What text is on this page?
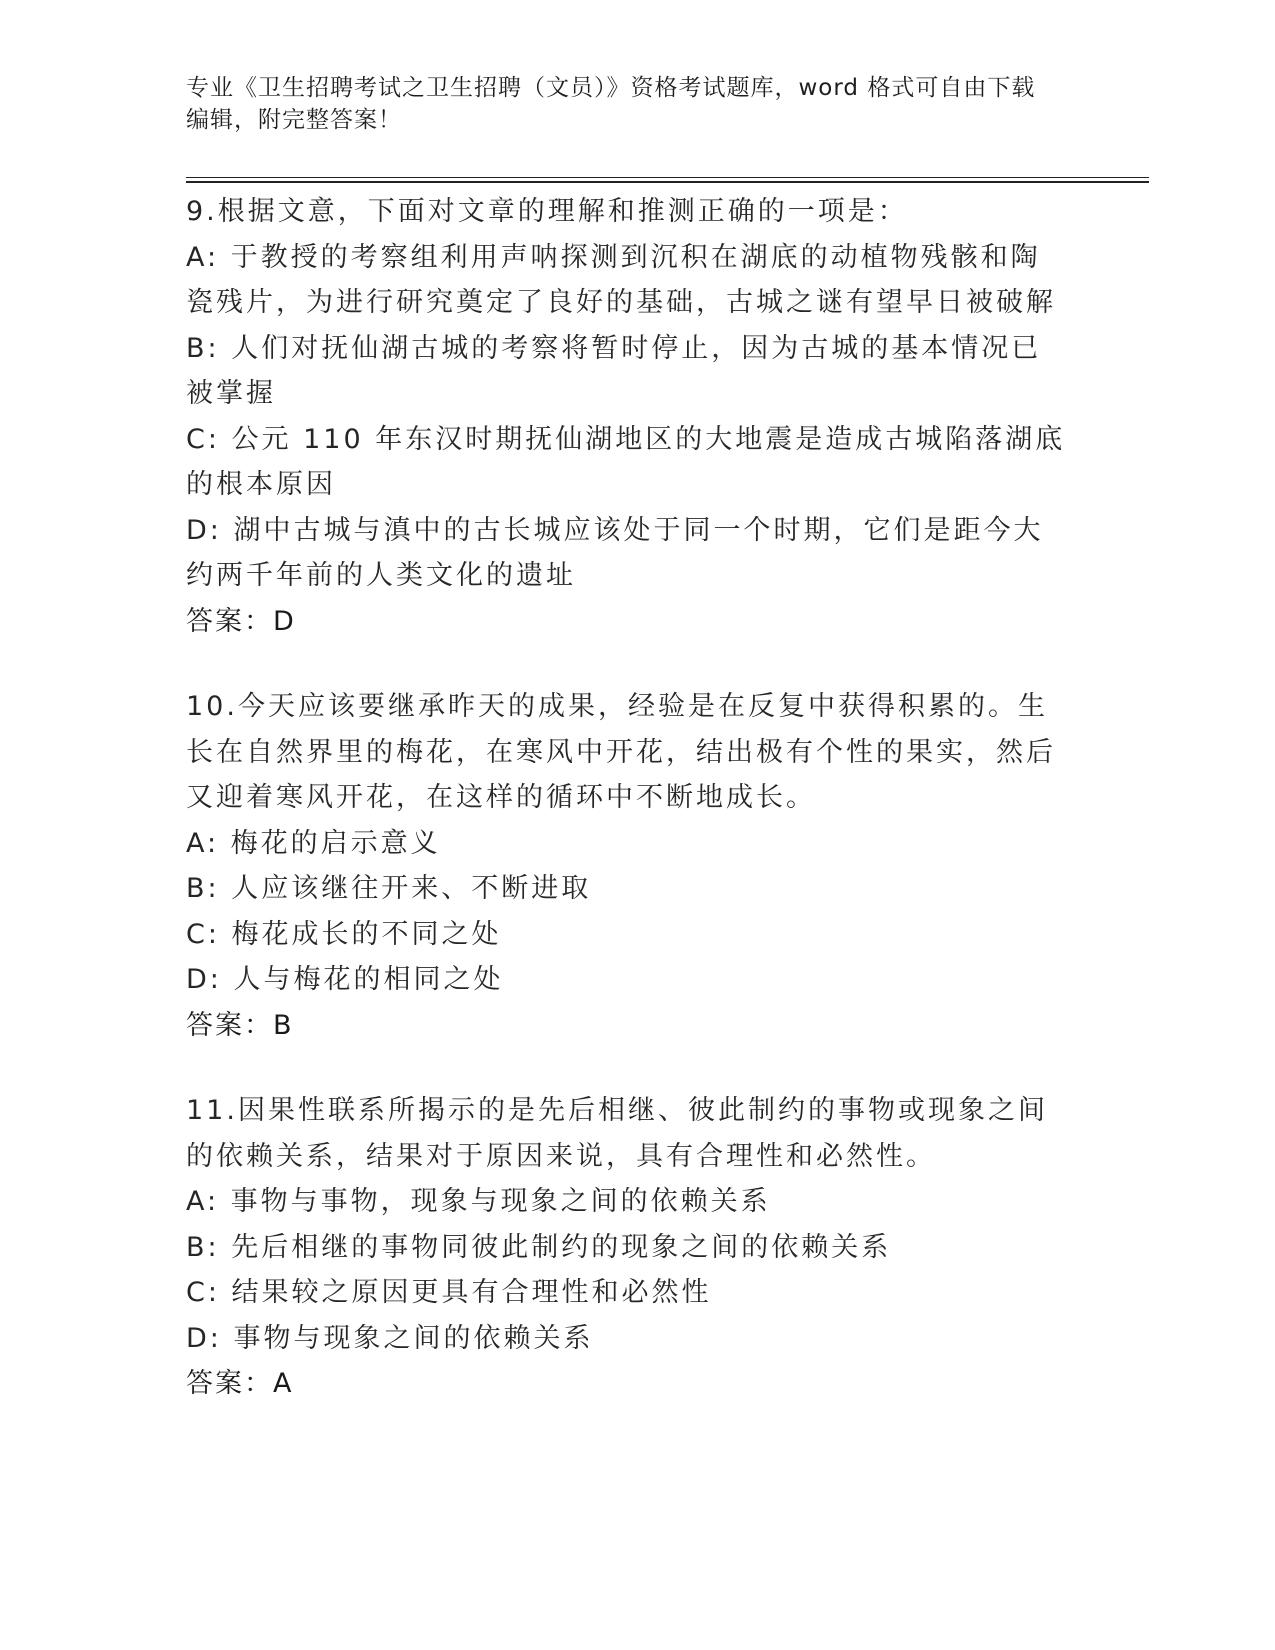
专业《卫生招聘考试之卫生招聘（文员）》资格考试题库，word 格式可自由下载
编辑，附完整答案！

9.根据文意，下面对文章的理解和推测正确的一项是：

A: 于教授的考察组利用声呐探测到沉积在湖底的动植物残骸和陶瓷残片，为进行研究奠定了良好的基础，古城之谜有望早日被破解

B: 人们对抚仙湖古城的考察将暂时停止，因为古城的基本情况已被掌握

C: 公元 110 年东汉时期抚仙湖地区的大地震是造成古城陷落湖底的根本原因

D: 湖中古城与滇中的古长城应该处于同一个时期，它们是距今大约两千年前的人类文化的遗址

答案：D

10.今天应该要继承昨天的成果，经验是在反复中获得积累的。生长在自然界里的梅花，在寒风中开花，结出极有个性的果实，然后又迎着寒风开花，在这样的循环中不断地成长。

A: 梅花的启示意义

B: 人应该继往开来、不断进取

C: 梅花成长的不同之处

D: 人与梅花的相同之处

答案：B

11.因果性联系所揭示的是先后相继、彼此制约的事物或现象之间的依赖关系，结果对于原因来说，具有合理性和必然性。

A: 事物与事物，现象与现象之间的依赖关系

B: 先后相继的事物同彼此制约的现象之间的依赖关系

C: 结果较之原因更具有合理性和必然性

D: 事物与现象之间的依赖关系

答案：A
